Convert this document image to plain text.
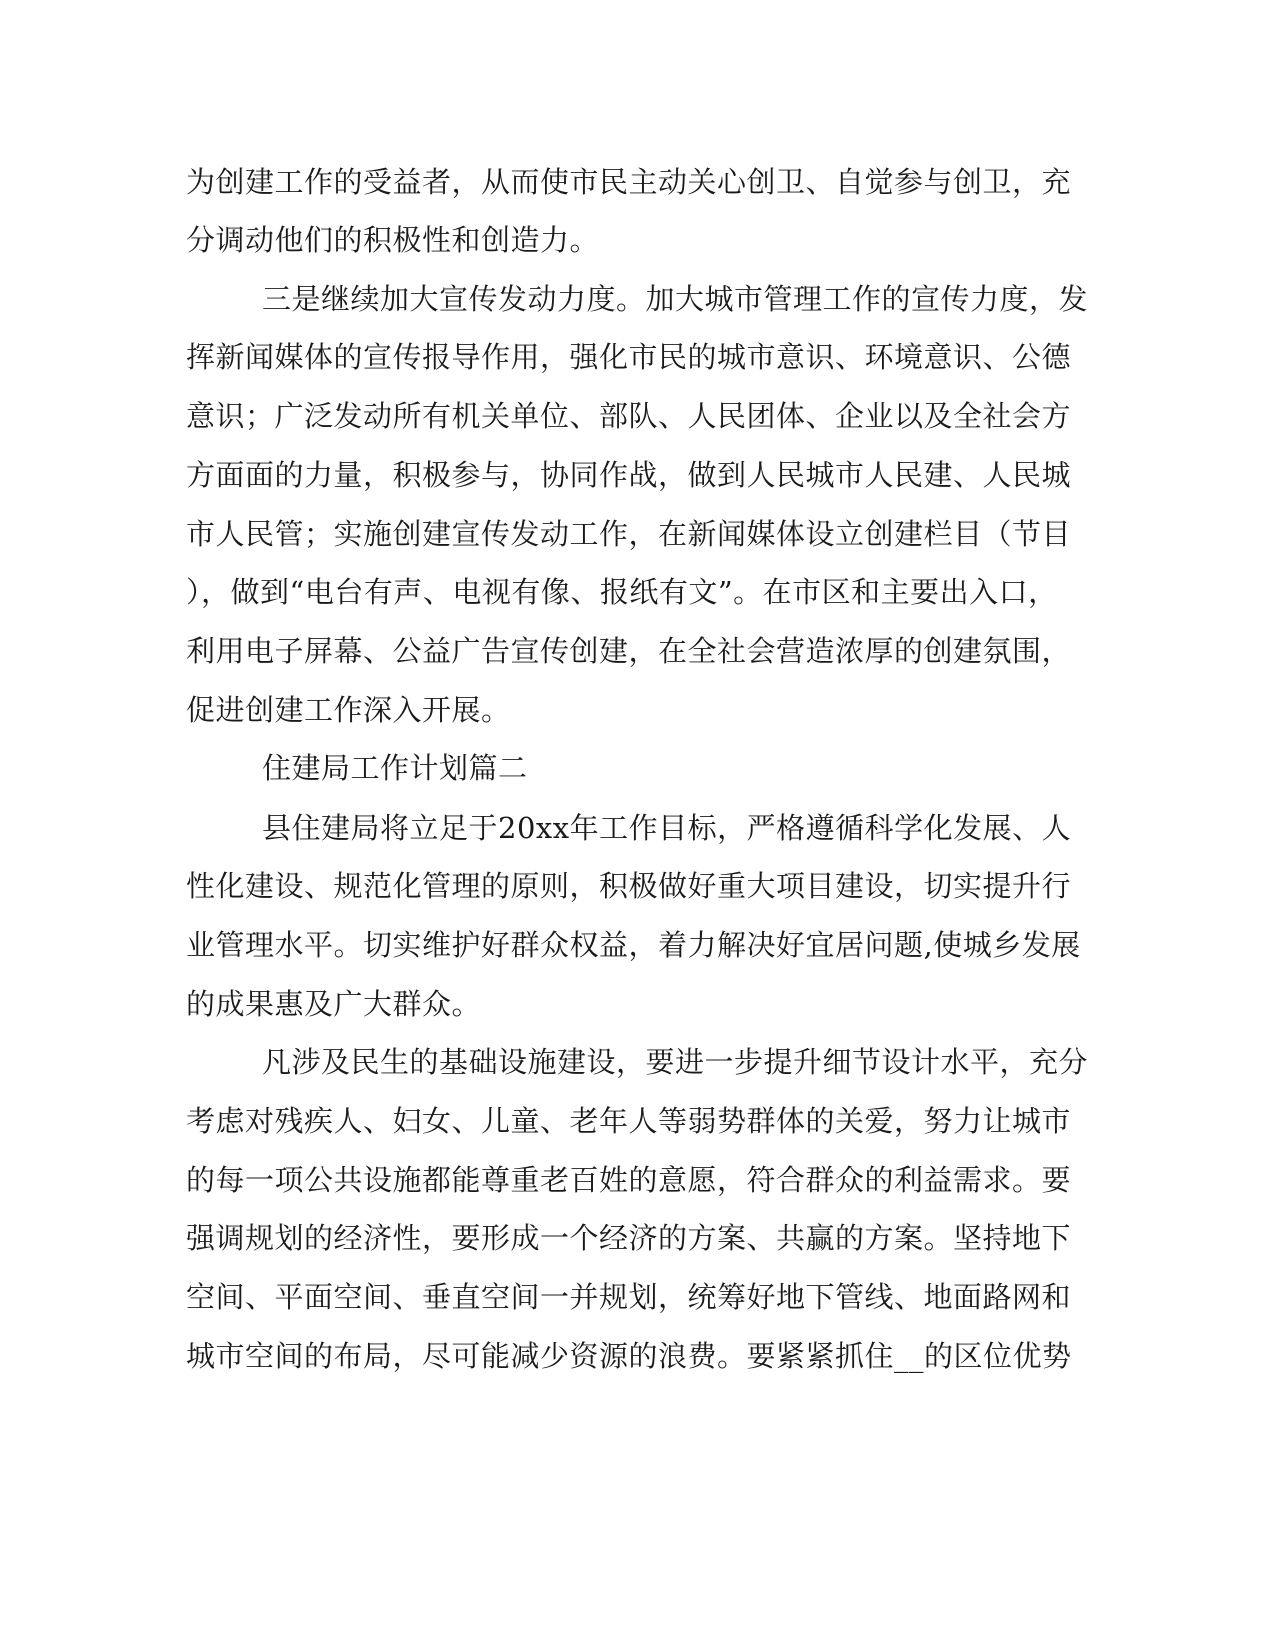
为创建工作的受益者，从而使市民主动关心创卫、自觉参与创卫，充

分调动他们的积极性和创造力。

三是继续加大宣传发动力度。加大城市管理工作的宣传力度，发

挥新闻媒体的宣传报导作用，强化市民的城市意识、环境意识、公德

意识；广泛发动所有机关单位、部队、人民团体、企业以及全社会方

方面面的力量，积极参与，协同作战，做到人民城市人民建、人民城

市人民管；实施创建宣传发动工作，在新闻媒体设立创建栏目（节目

），做到“电台有声、电视有像、报纸有文”。在市区和主要出入口，

利用电子屏幕、公益广告宣传创建，在全社会营造浓厚的创建氛围，

促进创建工作深入开展。

住建局工作计划篇二

县住建局将立足于20xx年工作目标，严格遵循科学化发展、人

性化建设、规范化管理的原则，积极做好重大项目建设，切实提升行

业管理水平。切实维护好群众权益，着力解决好宜居问题,使城乡发展

的成果惠及广大群众。

凡涉及民生的基础设施建设，要进一步提升细节设计水平，充分

考虑对残疾人、妇女、儿童、老年人等弱势群体的关爱，努力让城市

的每一项公共设施都能尊重老百姓的意愿，符合群众的利益需求。要

强调规划的经济性，要形成一个经济的方案、共赢的方案。坚持地下

空间、平面空间、垂直空间一并规划，统筹好地下管线、地面路网和

城市空间的布局，尽可能减少资源的浪费。要紧紧抓住__的区位优势
